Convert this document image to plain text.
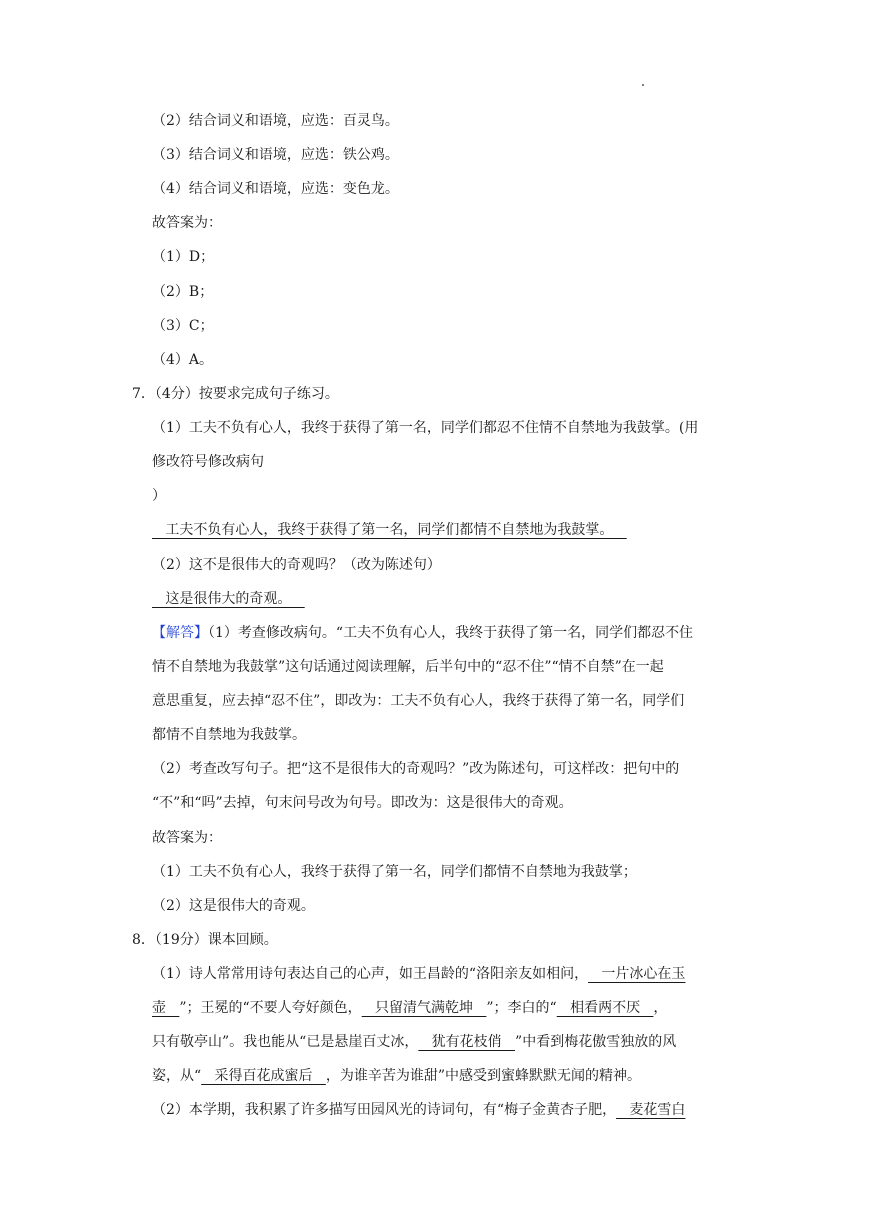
（2）结合词义和语境，应选：百灵鸟。
（3）结合词义和语境，应选：铁公鸡。
（4）结合词义和语境，应选：变色龙。
故答案为：
（1）D；
（2）B；
（3）C；
（4）A。
7．（4分）按要求完成句子练习。
（1）工夫不负有心人，我终于获得了第一名，同学们都忍不住情不自禁地为我鼓掌。(用
修改符号修改病句
）
工夫不负有心人，我终于获得了第一名，同学们都情不自禁地为我鼓掌。
（2）这不是很伟大的奇观吗？（改为陈述句）
这是很伟大的奇观。
【解答】（1）考查修改病句。“工夫不负有心人，我终于获得了第一名，同学们都忍不住
情不自禁地为我鼓掌”这句话通过阅读理解，后半句中的“忍不住”“情不自禁”在一起
意思重复，应去掉“忍不住”，即改为：工夫不负有心人，我终于获得了第一名，同学们
都情不自禁地为我鼓掌。
（2）考查改写句子。把“这不是很伟大的奇观吗？”改为陈述句，可这样改：把句中的
“不”和“吗”去掉，句末问号改为句号。即改为：这是很伟大的奇观。
故答案为：
（1）工夫不负有心人，我终于获得了第一名，同学们都情不自禁地为我鼓掌；
（2）这是很伟大的奇观。
8．（19分）课本回顾。
（1）诗人常常用诗句表达自己的心声，如王昌龄的“洛阳亲友如相问，   一片冰心在玉
壶   ”；王冕的“不要人夸好颜色，   只留清气满乾坤   ”；李白的“   相看两不厌   ，
只有敬亭山”。我也能从“已是悬崖百丈冰，   犹有花枝俏   ”中看到梅花傲雪独放的风
姿，从“   采得百花成蜜后   ，为谁辛苦为谁甜”中感受到蜜蜂默默无闻的精神。
（2）本学期，我积累了许多描写田园风光的诗词句，有“梅子金黄杏子肥，   麦花雪白
